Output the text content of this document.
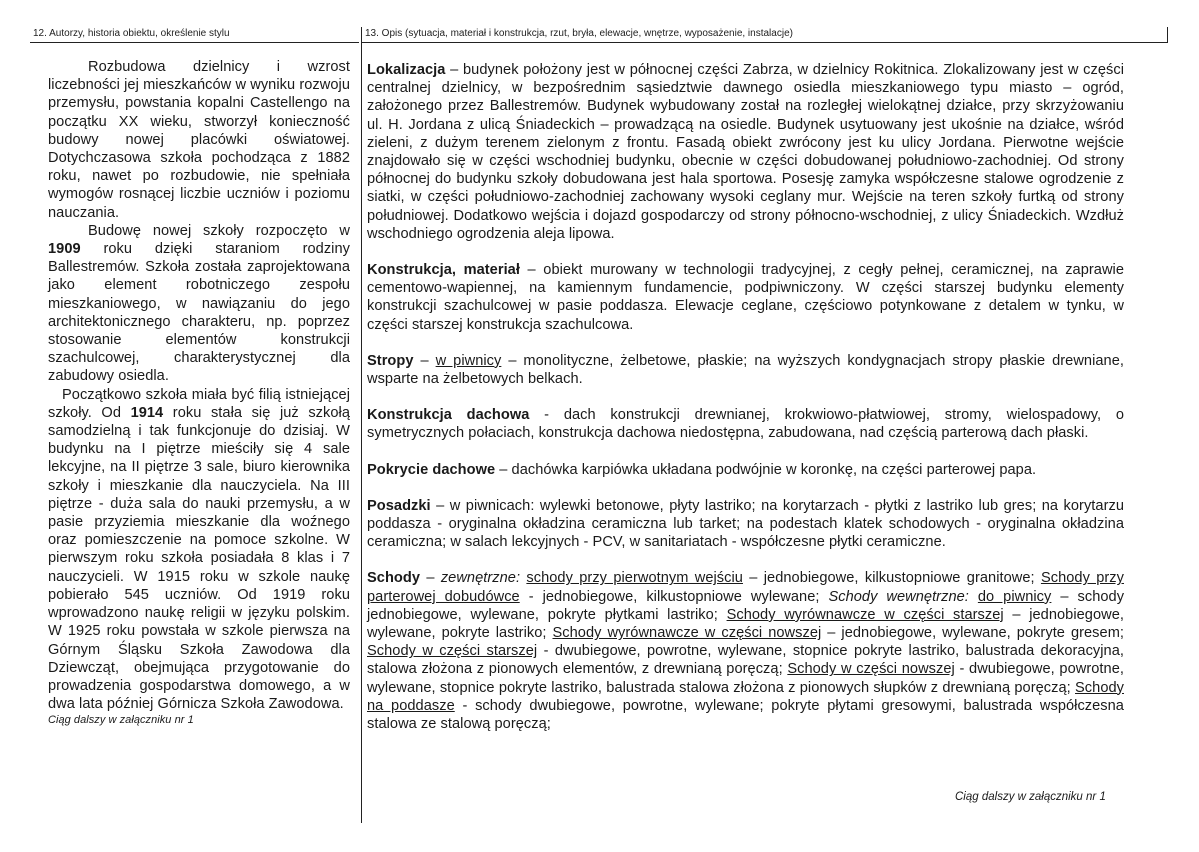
12. Autorzy, historia obiektu, określenie stylu	13. Opis (sytuacja, materiał i konstrukcja, rzut, bryła, elewacje, wnętrze, wyposażenie, instalacje)

Rozbudowa dzielnicy i wzrost liczebności jej mieszkańców w wyniku rozwoju przemysłu, powstania kopalni Castellengo na początku XX wieku, stworzył konieczność budowy nowej placówki oświatowej. Dotychczasowa szkoła pochodząca z 1882 roku, nawet po rozbudowie, nie spełniała wymogów rosnącej liczbie uczniów i poziomu nauczania.

Budowę nowej szkoły rozpoczęto w 1909 roku dzięki staraniom rodziny Ballestremów. Szkoła została zaprojektowana jako element robotniczego zespołu mieszkaniowego, w nawiązaniu do jego architektonicznego charakteru, np. poprzez stosowanie elementów konstrukcji szachulcowej, charakterystycznej dla zabudowy osiedla.

Początkowo szkoła miała być filią istniejącej szkoły. Od 1914 roku stała się już szkołą samodzielną i tak funkcjonuje do dzisiaj. W budynku na I piętrze mieściły się 4 sale lekcyjne, na II piętrze 3 sale, biuro kierownika szkoły i mieszkanie dla nauczyciela. Na III piętrze - duża sala do nauki przemysłu, a w pasie przyziemia mieszkanie dla woźnego oraz pomieszczenie na pomoce szkolne. W pierwszym roku szkoła posiadała 8 klas i 7 nauczycieli. W 1915 roku w szkole naukę pobierało 545 uczniów. Od 1919 roku wprowadzono naukę religii w języku polskim. W 1925 roku powstała w szkole pierwsza na Górnym Śląsku Szkoła Zawodowa dla Dziewcząt, obejmująca przygotowanie do prowadzenia gospodarstwa domowego, a w dwa lata później Górnicza Szkoła Zawodowa.

Ciąg dalszy w załączniku nr 1

Lokalizacja – budynek położony jest w północnej części Zabrza, w dzielnicy Rokitnica. Zlokalizowany jest w części centralnej dzielnicy, w bezpośrednim sąsiedztwie dawnego osiedla mieszkaniowego typu miasto – ogród, założonego przez Ballestremów. Budynek wybudowany został na rozległej wielokątnej działce, przy skrzyżowaniu ul. H. Jordana z ulicą Śniadeckich – prowadzącą na osiedle. Budynek usytuowany jest ukośnie na działce, wśród zieleni, z dużym terenem zielonym z frontu. Fasadą obiekt zwrócony jest ku ulicy Jordana. Pierwotne wejście znajdowało się w części wschodniej budynku, obecnie w części dobudowanej południowo-zachodniej. Od strony północnej do budynku szkoły dobudowana jest hala sportowa. Posesję zamyka współczesne stalowe ogrodzenie z siatki, w części południowo-zachodniej zachowany wysoki ceglany mur. Wejście na teren szkoły furtką od strony południowej. Dodatkowo wejścia i dojazd gospodarczy od strony północno-wschodniej, z ulicy Śniadeckich. Wzdłuż wschodniego ogrodzenia aleja lipowa.

Konstrukcja, materiał – obiekt murowany w technologii tradycyjnej, z cegły pełnej, ceramicznej, na zaprawie cementowo-wapiennej, na kamiennym fundamencie, podpiwniczony. W części starszej budynku elementy konstrukcji szachulcowej w pasie poddasza. Elewacje ceglane, częściowo potynkowane z detalem w tynku, w części starszej konstrukcja szachulcowa.

Stropy – w piwnicy – monolityczne, żelbetowe, płaskie; na wyższych kondygnacjach stropy płaskie drewniane, wsparte na żelbetowych belkach.

Konstrukcja dachowa - dach konstrukcji drewnianej, krokwiowo-płatwiowej, stromy, wielospadowy, o symetrycznych połaciach, konstrukcja dachowa niedostępna, zabudowana, nad częścią parterową dach płaski.

Pokrycie dachowe – dachówka karpiówka układana podwójnie w koronkę, na części parterowej papa.

Posadzki – w piwnicach: wylewki betonowe, płyty lastriko; na korytarzach - płytki z lastriko lub gres; na korytarzu poddasza - oryginalna okładzina ceramiczna lub tarket; na podestach klatek schodowych - oryginalna okładzina ceramiczna; w salach lekcyjnych - PCV, w sanitariatach - współczesne płytki ceramiczne.

Schody – zewnętrzne: schody przy pierwotnym wejściu – jednobiegowe, kilkustopniowe granitowe; Schody przy parterowej dobudówce - jednobiegowe, kilkustopniowe wylewane; Schody wewnętrzne: do piwnicy – schody jednobiegowe, wylewane, pokryte płytkami lastriko; Schody wyrównawcze w części starszej – jednobiegowe, wylewane, pokryte lastriko; Schody wyrównawcze w części nowszej – jednobiegowe, wylewane, pokryte gresem; Schody w części starszej - dwubiegowe, powrotne, wylewane, stopnice pokryte lastriko, balustrada dekoracyjna, stalowa złożona z pionowych elementów, z drewnianą poręczą; Schody w części nowszej - dwubiegowe, powrotne, wylewane, stopnice pokryte lastriko, balustrada stalowa złożona z pionowych słupków z drewnianą poręczą; Schody na poddasze - schody dwubiegowe, powrotne, wylewane; pokryte płytami gresowymi, balustrada współczesna stalowa ze stalową poręczą;

Ciąg dalszy w załączniku nr 1
